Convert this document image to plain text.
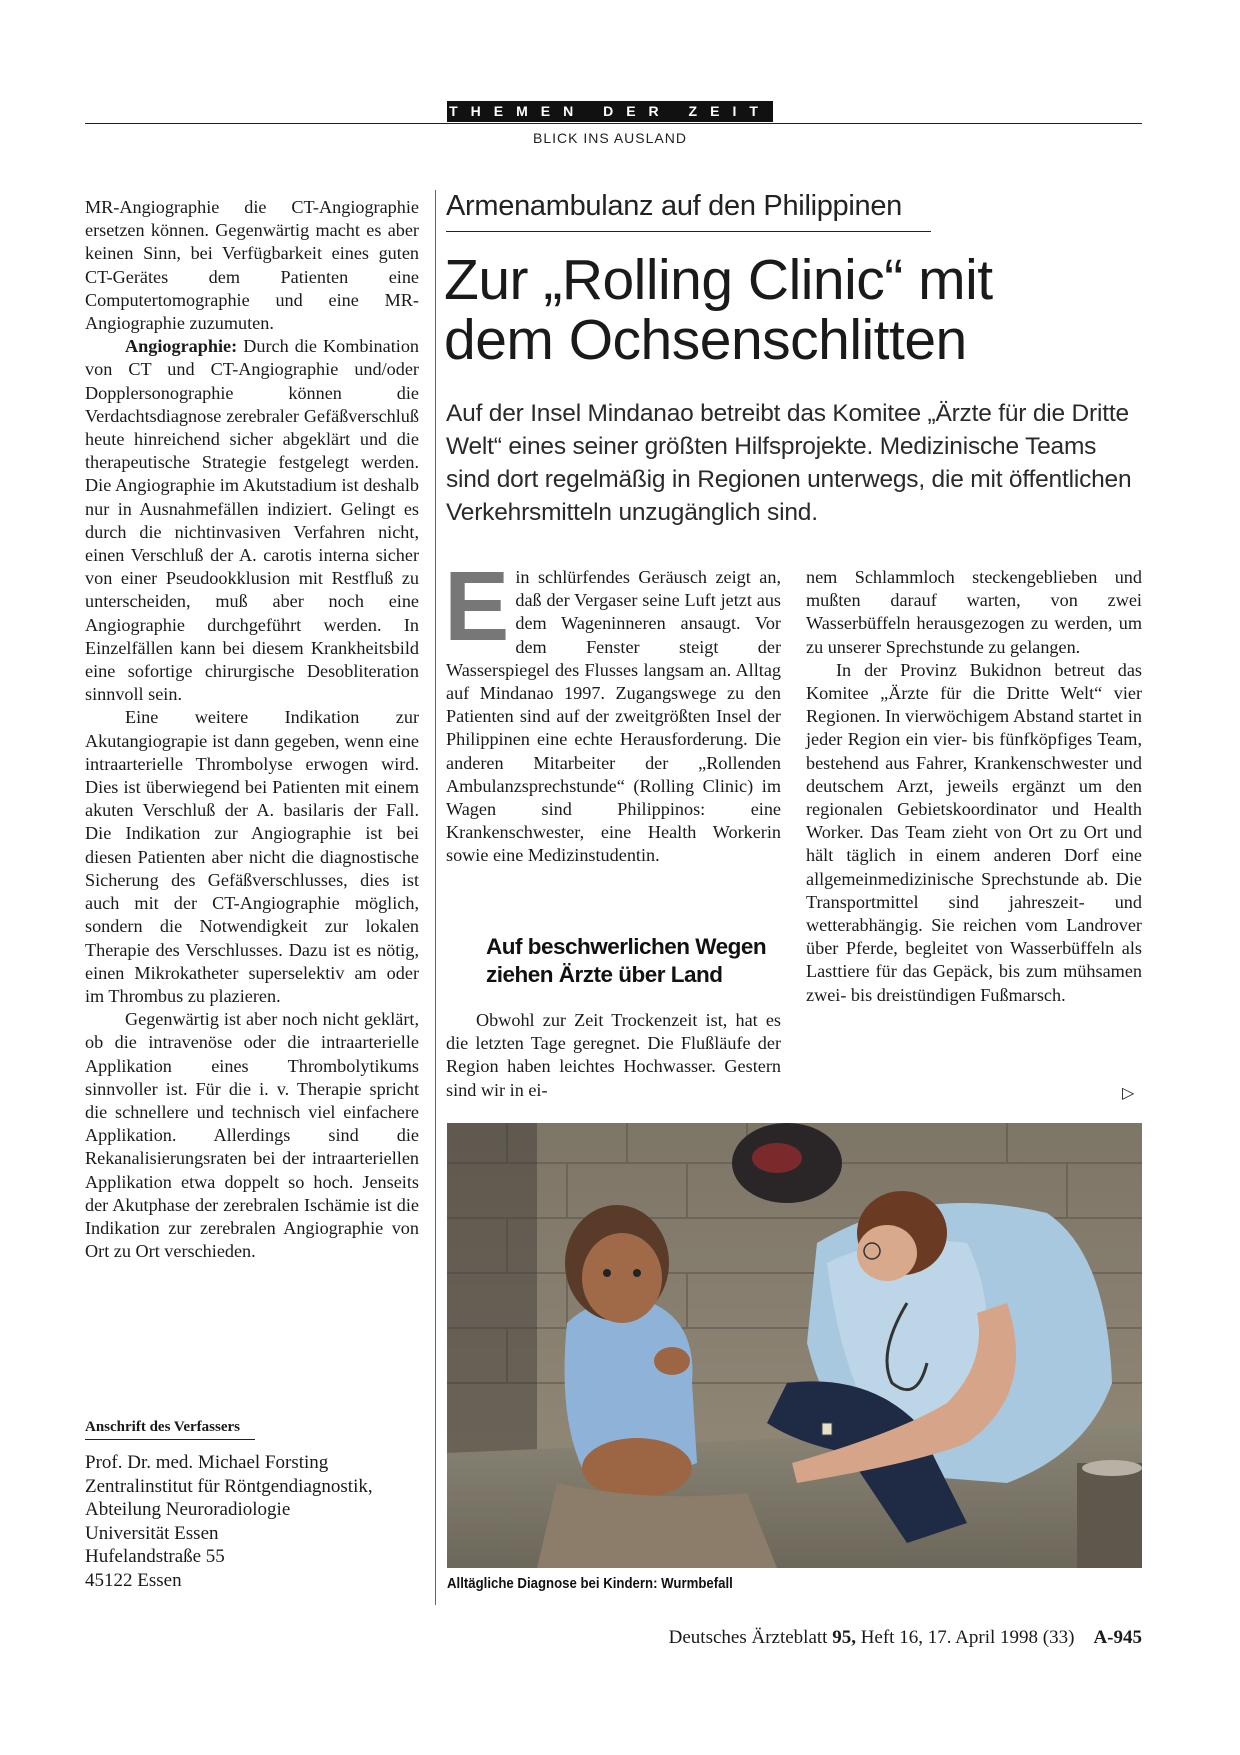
THEMEN DER ZEIT
BLICK INS AUSLAND

MR-Angiographie die CT-Angiographie ersetzen können. Gegenwärtig macht es aber keinen Sinn, bei Verfügbarkeit eines guten CT-Gerätes dem Patienten eine Computertomographie und eine MR-Angiographie zuzumuten.

Angiographie: Durch die Kombination von CT und CT-Angiographie und/oder Dopplersonographie können die Verdachtsdiagnose zerebraler Gefäßverschluß heute hinreichend sicher abgeklärt und die therapeutische Strategie festgelegt werden. Die Angiographie im Akutstadium ist deshalb nur in Ausnahmefällen indiziert. Gelingt es durch die nichtinvasiven Verfahren nicht, einen Verschluß der A. carotis interna sicher von einer Pseudookklusion mit Restfluß zu unterscheiden, muß aber noch eine Angiographie durchgeführt werden. In Einzelfällen kann bei diesem Krankheitsbild eine sofortige chirurgische Desobliteration sinnvoll sein.

Eine weitere Indikation zur Akutangiograpie ist dann gegeben, wenn eine intraarterielle Thrombolyse erwogen wird. Dies ist überwiegend bei Patienten mit einem akuten Verschluß der A. basilaris der Fall. Die Indikation zur Angiographie ist bei diesen Patienten aber nicht die diagnostische Sicherung des Gefäßverschlusses, dies ist auch mit der CT-Angiographie möglich, sondern die Notwendigkeit zur lokalen Therapie des Verschlusses. Dazu ist es nötig, einen Mikrokatheter superselektiv am oder im Thrombus zu plazieren.

Gegenwärtig ist aber noch nicht geklärt, ob die intravenöse oder die intraarterielle Applikation eines Thrombolytikums sinnvoller ist. Für die i. v. Therapie spricht die schnellere und technisch viel einfachere Applikation. Allerdings sind die Rekanalisierungsraten bei der intraarteriellen Applikation etwa doppelt so hoch. Jenseits der Akutphase der zerebralen Ischämie ist die Indikation zur zerebralen Angiographie von Ort zu Ort verschieden.

Anschrift des Verfassers
Prof. Dr. med. Michael Forsting
Zentralinstitut für Röntgendiagnostik,
Abteilung Neuroradiologie
Universität Essen
Hufelandstraße 55
45122 Essen
Armenambulanz auf den Philippinen
Zur „Rolling Clinic“ mit
dem Ochsenschlitten
Auf der Insel Mindanao betreibt das Komitee „Ärzte für die Dritte Welt“ eines seiner größten Hilfsprojekte. Medizinische Teams sind dort regelmäßig in Regionen unterwegs, die mit öffentlichen Verkehrsmitteln unzugänglich sind.

Ein schlürfendes Geräusch zeigt an, daß der Vergaser seine Luft jetzt aus dem Wageninneren ansaugt. Vor dem Fenster steigt der Wasserspiegel des Flusses langsam an. Alltag auf Mindanao 1997. Zugangswege zu den Patienten sind auf der zweitgrößten Insel der Philippinen eine echte Herausforderung. Die anderen Mitarbeiter der „Rollenden Ambulanzsprechstunde“ (Rolling Clinic) im Wagen sind Philippinos: eine Krankenschwester, eine Health Workerin sowie eine Medizinstudentin.

Auf beschwerlichen Wegen ziehen Ärzte über Land

Obwohl zur Zeit Trockenzeit ist, hat es die letzten Tage geregnet. Die Flußläufe der Region haben leichtes Hochwasser. Gestern sind wir in ei-

nem Schlammloch steckengeblieben und mußten darauf warten, von zwei Wasserbüffeln herausgezogen zu werden, um zu unserer Sprechstunde zu gelangen.

In der Provinz Bukidnon betreut das Komitee „Ärzte für die Dritte Welt“ vier Regionen. In vierwöchigem Abstand startet in jeder Region ein vier- bis fünfköpfiges Team, bestehend aus Fahrer, Krankenschwester und deutschem Arzt, jeweils ergänzt um den regionalen Gebietskoordinator und Health Worker. Das Team zieht von Ort zu Ort und hält täglich in einem anderen Dorf eine allgemeinmedizinische Sprechstunde ab. Die Transportmittel sind jahreszeit- und wetterabhängig. Sie reichen vom Landrover über Pferde, begleitet von Wasserbüffeln als Lasttiere für das Gepäck, bis zum mühsamen zwei- bis dreistündigen Fußmarsch.

▷
Alltägliche Diagnose bei Kindern: Wurmbefall
Deutsches Ärzteblatt 95, Heft 16, 17. April 1998 (33) A-945
